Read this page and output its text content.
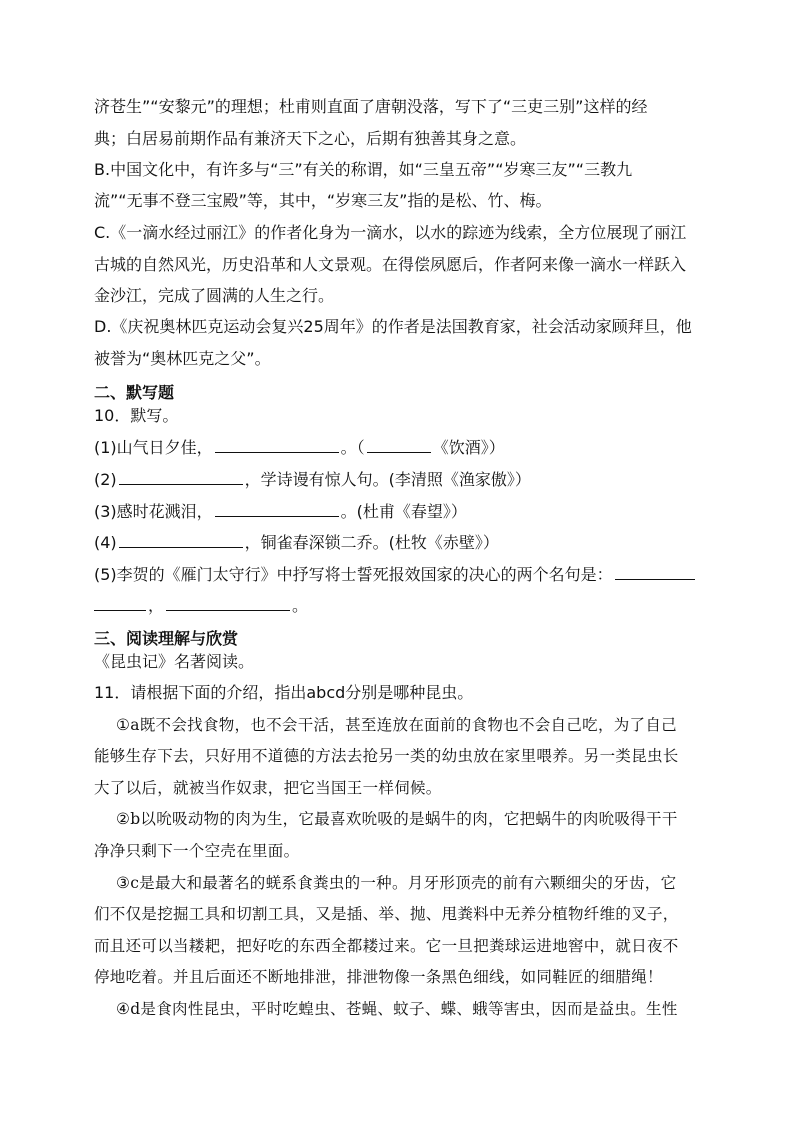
济苍生”“安黎元”的理想；杜甫则直面了唐朝没落，写下了“三吏三别”这样的经
典；白居易前期作品有兼济天下之心，后期有独善其身之意。
B.中国文化中，有许多与“三”有关的称谓，如“三皇五帝”“岁寒三友”“三教九
流”“无事不登三宝殿”等，其中，“岁寒三友”指的是松、竹、梅。
C.《一滴水经过丽江》的作者化身为一滴水，以水的踪迹为线索，全方位展现了丽江
古城的自然风光，历史沿革和人文景观。在得偿夙愿后，作者阿来像一滴水一样跃入
金沙江，完成了圆满的人生之行。
D.《庆祝奥林匹克运动会复兴25周年》的作者是法国教育家，社会活动家顾拜旦，他
被誉为“奥林匹克之父”。
二、默写题
10．默写。
(1)山气日夕佳，	。（	《饮酒》）
(2)	，学诗谩有惊人句。(李清照《渔家傲》）
(3)感时花溅泪，	。(杜甫《春望》）
(4)	，铜雀春深锁二乔。(杜牧《赤壁》）
(5)李贺的《雁门太守行》中抒写将士誓死报效国家的决心的两个名句是：
，	。
三、阅读理解与欣赏
《昆虫记》名著阅读。
11．请根据下面的介绍，指出abcd分别是哪种昆虫。
①a既不会找食物，也不会干活，甚至连放在面前的食物也不会自己吃，为了自己
能够生存下去，只好用不道德的方法去抢另一类的幼虫放在家里喂养。另一类昆虫长
大了以后，就被当作奴隶，把它当国王一样伺候。
②b以吮吸动物的肉为生，它最喜欢吮吸的是蜗牛的肉，它把蜗牛的肉吮吸得干干
净净只剩下一个空壳在里面。
③c是最大和最著名的蜣系食粪虫的一种。月牙形顶壳的前有六颗细尖的牙齿，它
们不仅是挖掘工具和切割工具，又是插、举、抛、甩粪料中无养分植物纤维的叉子，
而且还可以当耧耙，把好吃的东西全都耧过来。它一旦把粪球运进地窖中，就日夜不
停地吃着。并且后面还不断地排泄，排泄物像一条黑色细线，如同鞋匠的细腊绳！
④d是食肉性昆虫，平时吃蝗虫、苍蝇、蚊子、蝶、蛾等害虫，因而是益虫。生性
